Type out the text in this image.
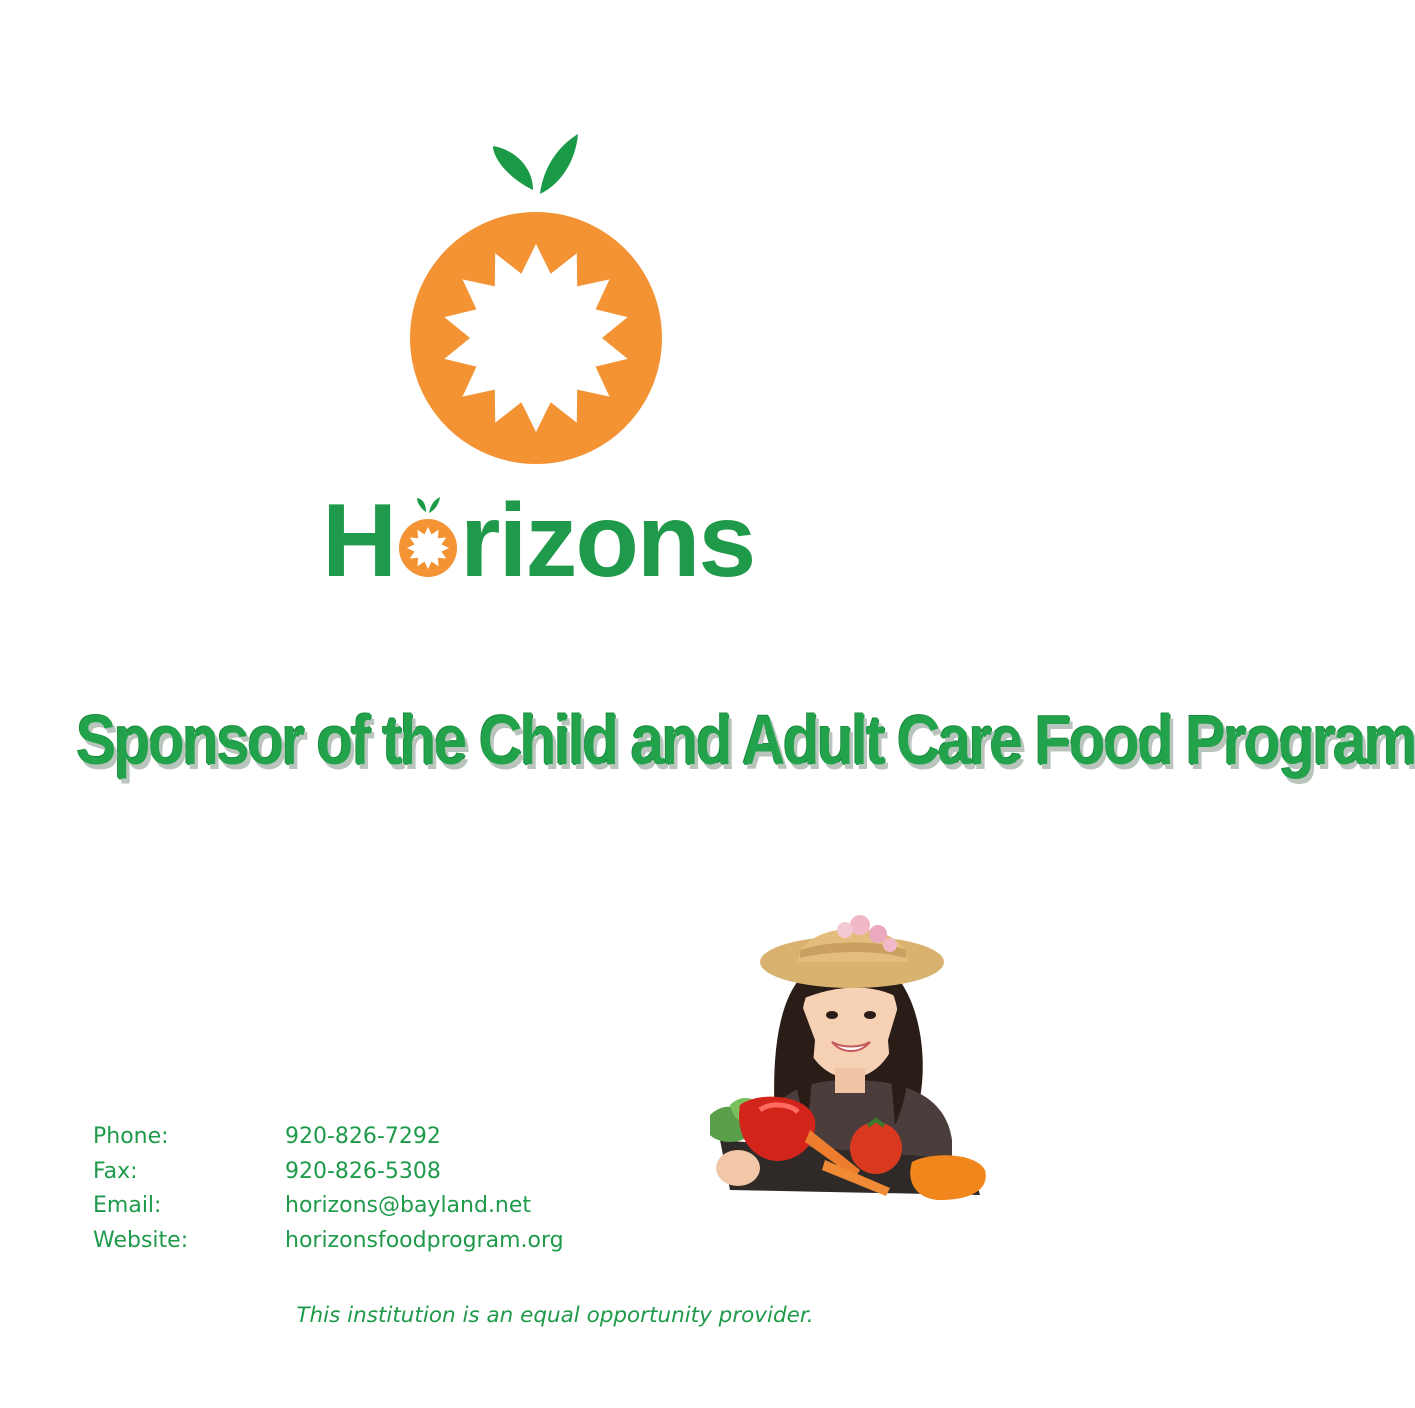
H rizons
Sponsor of the Child and Adult Care Food Program
Phone:	920-826-7292
Fax:	920-826-5308
Email:	horizons@bayland.net
Website:	horizonsfoodprogram.org
This institution is an equal opportunity provider.
